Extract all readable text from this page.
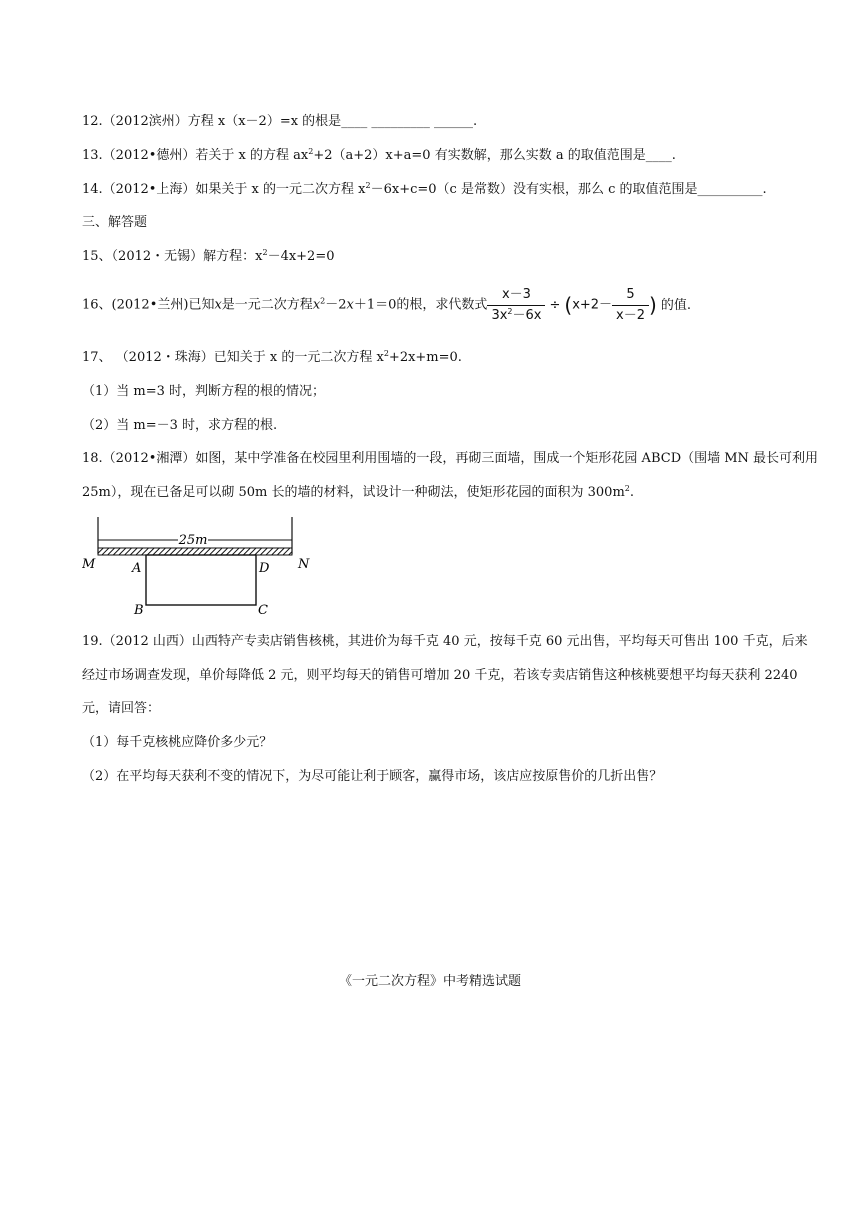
12.（2012滨州）方程 x（x－2）=x 的根是____ _________ ______.
13.（2012•德州）若关于 x 的方程 $ax^2+2(a+2)x+a=0$ 有实数解，那么实数 a 的取值范围是____.
14.（2012•上海）如果关于 x 的一元二次方程 $x^2-6x+c=0(c$ 是常数）没有实根，那么 c 的取值范围是__________.
三、解答题
15、（2012・无锡）解方程：$x^2-4x+2=0$
16、(2012•兰州)已知x是一元二次方程$x^2-2x+1=0$的根，求代数式 $\frac{x-3}{3x^2-6x} \div (x+2- \frac{5}{x-2}$ ) 的值.
17、 （2012・珠海）已知关于 x 的一元二次方程 $x^2+2x+m=0$.
（1）当 m=3 时，判断方程的根的情况；
（2）当 m=－3 时，求方程的根.
18.（2012•湘潭）如图，某中学准备在校园里利用围墙的一段，再砌三面墙，围成一个矩形花园 ABCD（围墙 MN 最长可利用
25m），现在已备足可以砌 50m 长的墙的材料，试设计一种砌法，使矩形花园的面积为 $300m^2$.
25m
M	N
A	D
B	C
19.（2012 山西）山西特产专卖店销售核桃，其进价为每千克 40 元，按每千克 60 元出售，平均每天可售出 100 千克，后来
经过市场调查发现，单价每降低 2 元，则平均每天的销售可增加 20 千克，若该专卖店销售这种核桃要想平均每天获利 2240
元，请回答：
（1）每千克核桃应降价多少元？
（2）在平均每天获利不变的情况下，为尽可能让利于顾客，赢得市场，该店应按原售价的几折出售？
《一元二次方程》中考精选试题
